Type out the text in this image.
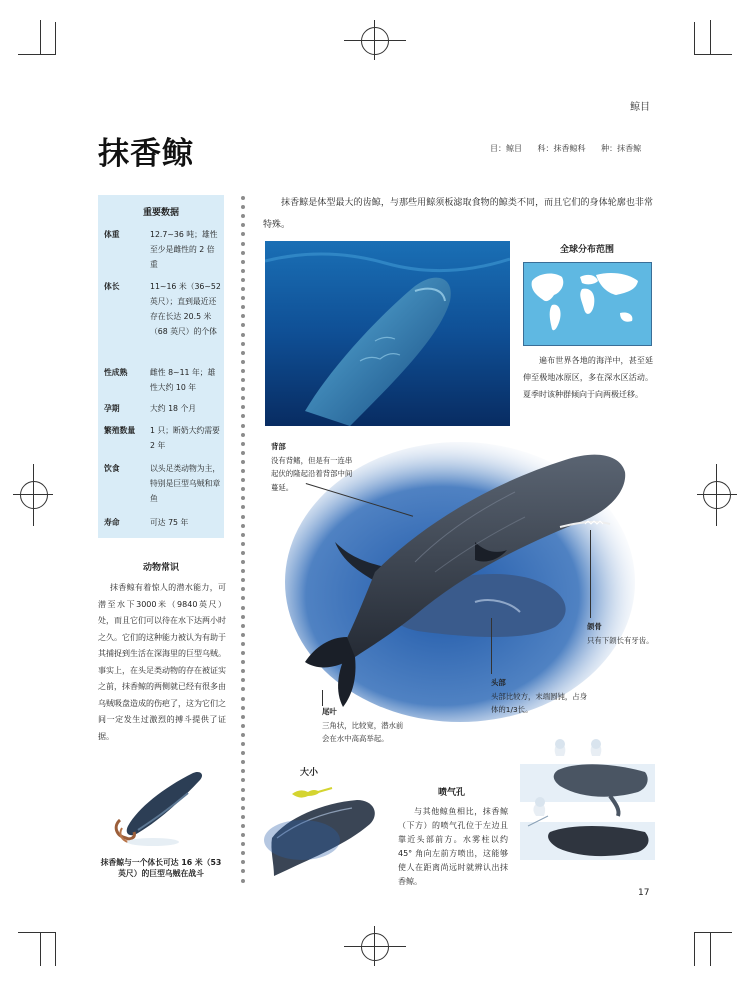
鲸目
抹香鲸	目：鲸目 科：抹香鲸科 种：抹香鲸
重要数据
体重	12.7~36 吨；雄性至少是雌性的 2 倍重
体长	11~16 米（36~52 英尺）；直到最近还存在长达 20.5 米（68 英尺）的个体
性成熟	雌性 8~11 年；雄性大约 10 年
孕期	大约 18 个月
繁殖数量	1 只；断奶大约需要 2 年
饮食	以头足类动物为主，特别是巨型乌贼和章鱼
寿命	可达 75 年
动物常识
抹香鲸有着惊人的潜水能力，可潜至水下3000米（9840英尺）处，而且它们可以待在水下达两小时之久。它们的这种能力被认为有助于其捕捉到生活在深海里的巨型乌贼。事实上，在头足类动物的存在被证实之前，抹香鲸的两侧就已经有很多由乌贼吸盘造成的伤疤了，这为它们之间一定发生过激烈的搏斗提供了证据。
抹香鲸与一个体长可达 16 米（53 英尺）的巨型乌贼在战斗
抹香鲸是体型最大的齿鲸，与那些用鲸须板滤取食物的鲸类不同，而且它们的身体轮廓也非常特殊。
全球分布范围
遍布世界各地的海洋中，甚至延伸至极地冰原区，多在深水区活动。夏季时该种群倾向于向两极迁移。
背部
没有背鳍，但是有一连串起伏的隆起沿着背部中间蔓延。
颌骨
只有下颌长有牙齿。
头部
头部比较方，末端圆钝，占身体的1/3长。
尾叶
三角状，比较宽，潜水前会在水中高高举起。
大小
喷气孔
与其他鲸鱼相比，抹香鲸（下方）的喷气孔位于左边且靠近头部前方。水雾柱以约 45° 角向左前方喷出，这能够使人在距离尚远时就辨认出抹香鲸。
17
